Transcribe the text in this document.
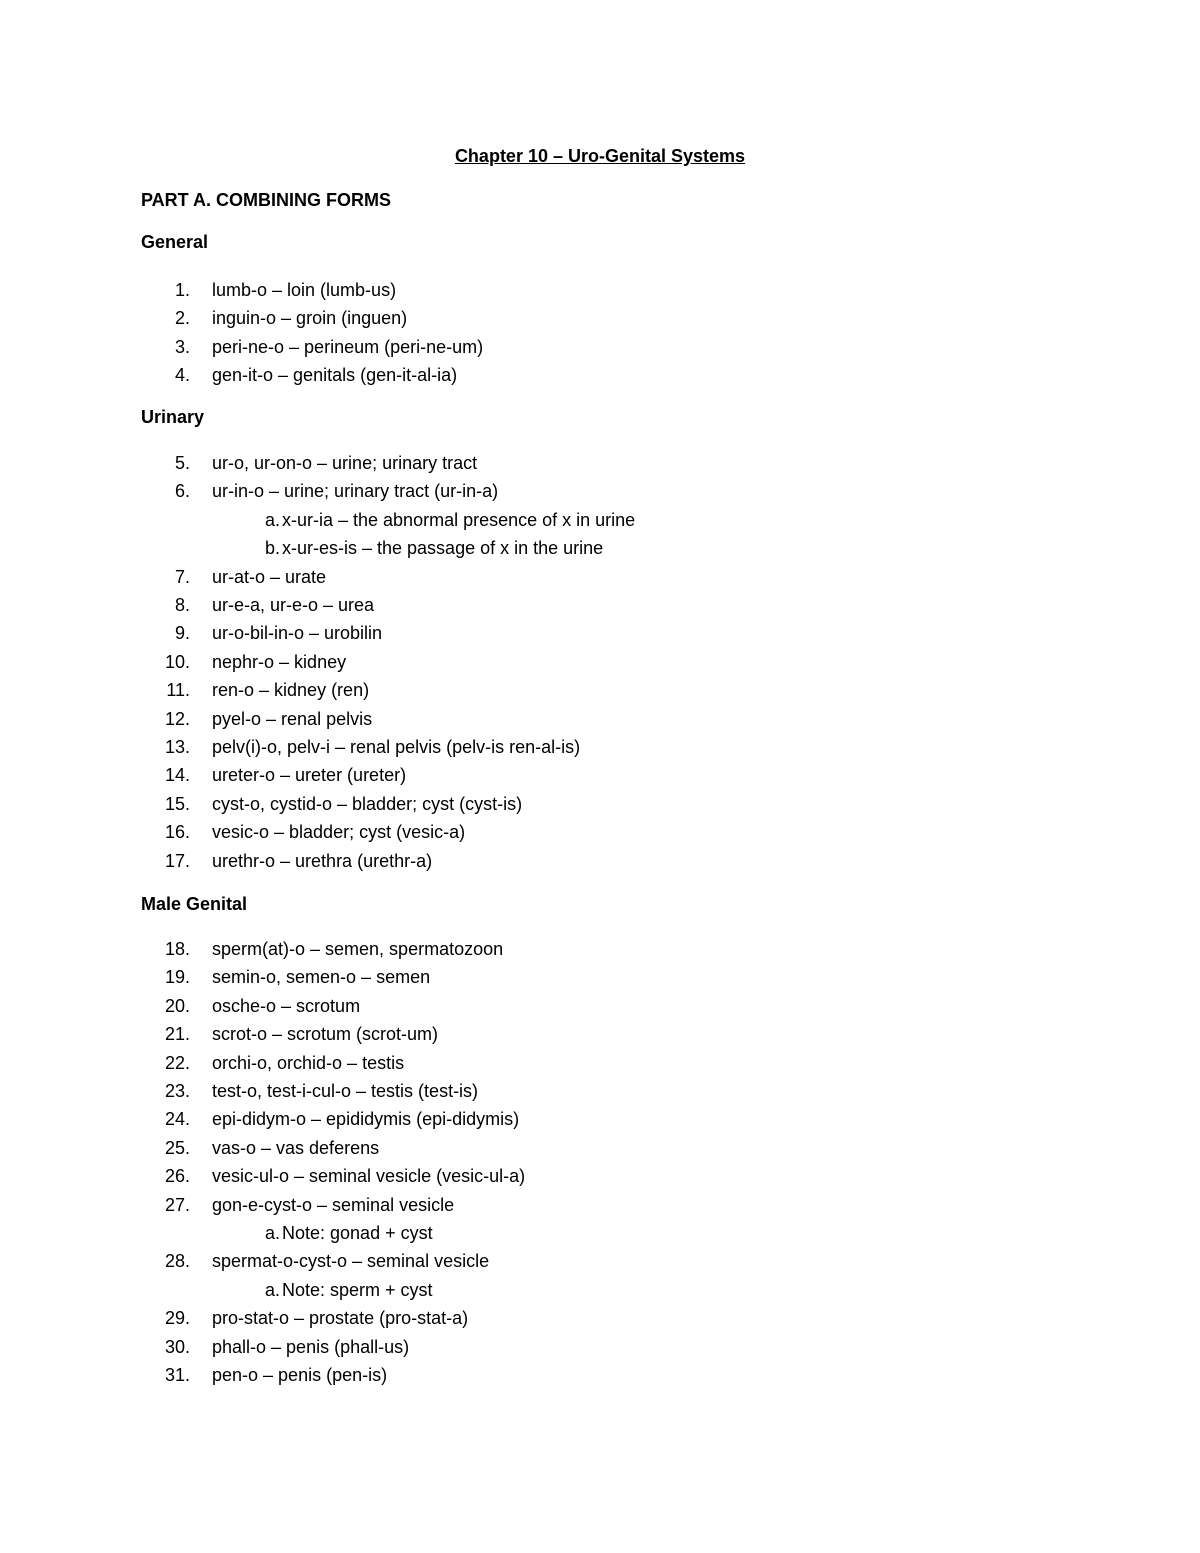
Chapter 10 – Uro-Genital Systems
PART A. COMBINING FORMS
General
1. lumb-o – loin (lumb-us)
2. inguin-o – groin (inguen)
3. peri-ne-o – perineum (peri-ne-um)
4. gen-it-o – genitals (gen-it-al-ia)
Urinary
5. ur-o, ur-on-o – urine; urinary tract
6. ur-in-o – urine; urinary tract (ur-in-a)
a. x-ur-ia – the abnormal presence of x in urine
b. x-ur-es-is – the passage of x in the urine
7. ur-at-o – urate
8. ur-e-a, ur-e-o – urea
9. ur-o-bil-in-o – urobilin
10. nephr-o – kidney
11. ren-o – kidney (ren)
12. pyel-o – renal pelvis
13. pelv(i)-o, pelv-i – renal pelvis (pelv-is ren-al-is)
14. ureter-o – ureter (ureter)
15. cyst-o, cystid-o – bladder; cyst (cyst-is)
16. vesic-o – bladder; cyst (vesic-a)
17. urethr-o – urethra (urethr-a)
Male Genital
18. sperm(at)-o – semen, spermatozoon
19. semin-o, semen-o – semen
20. osche-o – scrotum
21. scrot-o – scrotum (scrot-um)
22. orchi-o, orchid-o – testis
23. test-o, test-i-cul-o – testis (test-is)
24. epi-didym-o – epididymis (epi-didymis)
25. vas-o – vas deferens
26. vesic-ul-o – seminal vesicle (vesic-ul-a)
27. gon-e-cyst-o – seminal vesicle
a. Note: gonad + cyst
28. spermat-o-cyst-o – seminal vesicle
a. Note: sperm + cyst
29. pro-stat-o – prostate (pro-stat-a)
30. phall-o – penis (phall-us)
31. pen-o – penis (pen-is)
